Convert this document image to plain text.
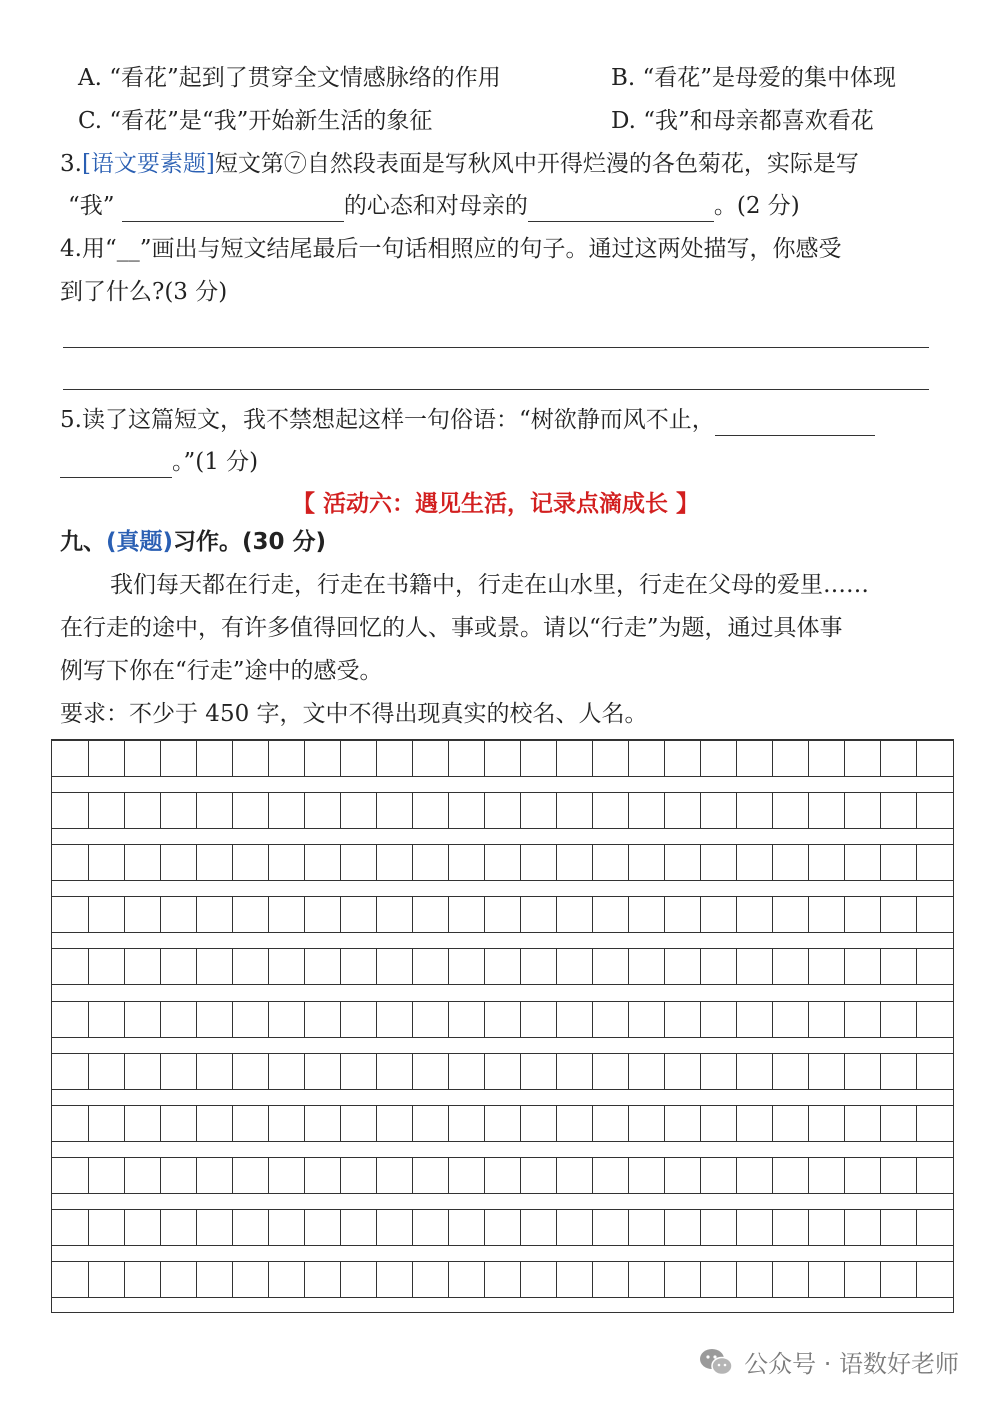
A. “看花”起到了贯穿全文情感脉络的作用	B. “看花”是母爱的集中体现
C. “看花”是“我”开始新生活的象征	D. “我”和母亲都喜欢看花
3.[语文要素题]短文第⑦自然段表面是写秋风中开得烂漫的各色菊花，实际是写
“我”	的心态和对母亲的	。(2 分)
4.用“__”画出与短文结尾最后一句话相照应的句子。通过这两处描写，你感受
到了什么?(3 分)
5.读了这篇短文，我不禁想起这样一句俗语：“树欲静而风不止，
。”(1 分)
【 活动六：遇见生活，记录点滴成长 】
九、(真题)习作。(30 分)
我们每天都在行走，行走在书籍中，行走在山水里，行走在父母的爱里……
在行走的途中，有许多值得回忆的人、事或景。请以“行走”为题，通过具体事
例写下你在“行走”途中的感受。
要求：不少于 450 字，文中不得出现真实的校名、人名。
公众号 · 语数好老师
